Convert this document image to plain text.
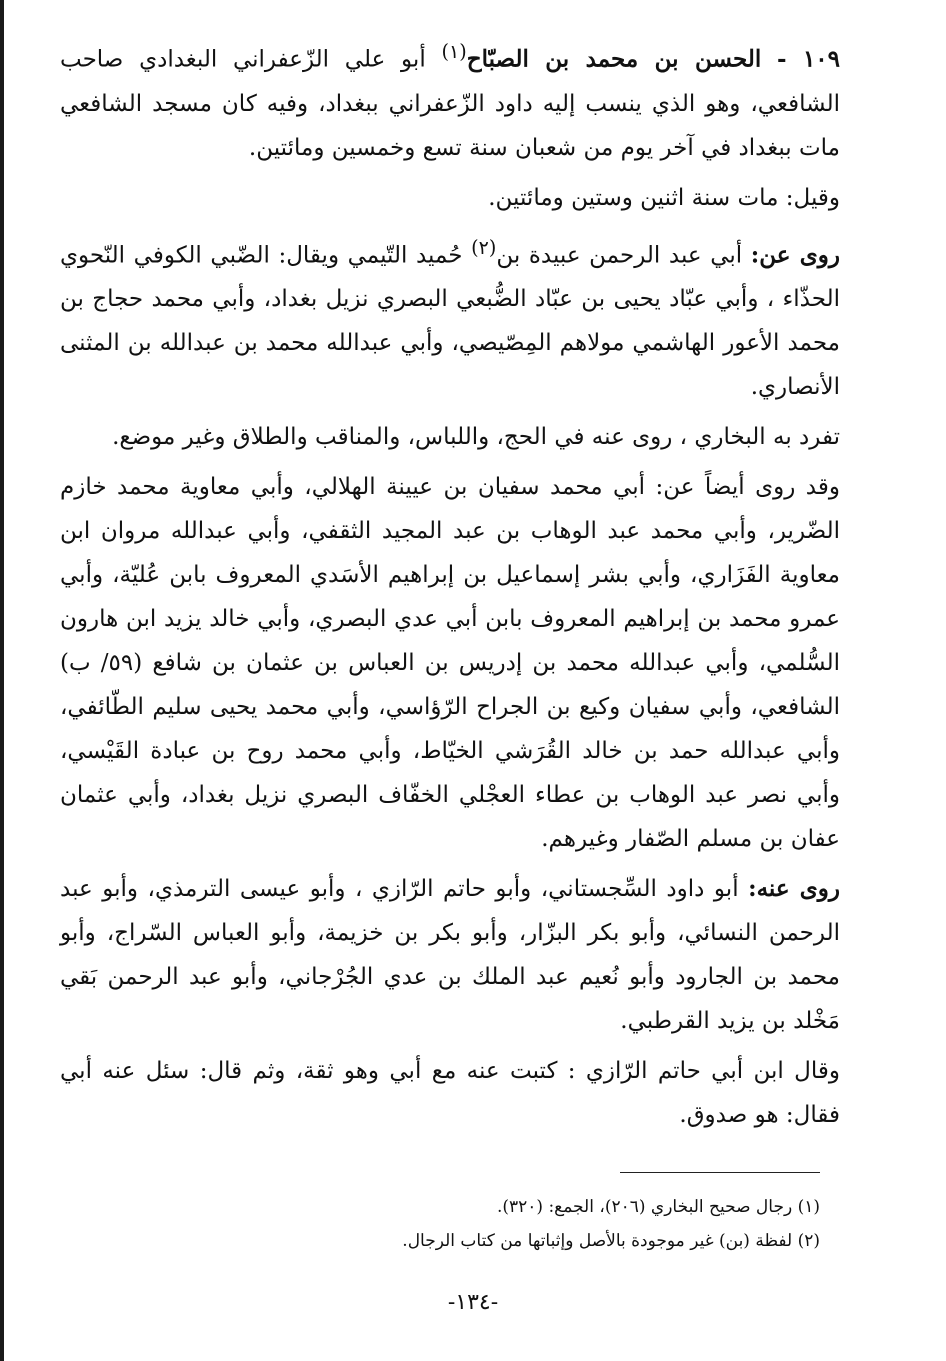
١٠٩ - الحسن بن محمد بن الصبّاح$^{(١)}$ أبو علي الزّعفراني البغدادي صاحب الشافعي، وهو الذي ينسب إليه داود الزّعفراني ببغداد، وفيه كان مسجد الشافعي مات ببغداد في آخر يوم من شعبان سنة تسع وخمسين ومائتين.

وقيل: مات سنة اثنين وستين ومائتين.

روى عن: أبي عبد الرحمن عبيدة بن$^{(٢)}$ حُميد التّيمي ويقال: الضّبي الكوفي النّحوي الحذّاء ، وأبي عبّاد يحيى بن عبّاد الضُّبعي البصري نزيل بغداد، وأبي محمد حجاج بن محمد الأعور الهاشمي مولاهم المِصّيصي، وأبي عبدالله محمد بن عبدالله بن المثنى الأنصاري.

تفرد به البخاري ، روى عنه في الحج، واللباس، والمناقب والطلاق وغير موضع.

وقد روى أيضاً عن: أبي محمد سفيان بن عيينة الهلالي، وأبي معاوية محمد خازم الضّرير، وأبي محمد عبد الوهاب بن عبد المجيد الثقفي، وأبي عبدالله مروان ابن معاوية الفَزَاري، وأبي بشر إسماعيل بن إبراهيم الأسَدي المعروف بابن عُليّة، وأبي عمرو محمد بن إبراهيم المعروف بابن أبي عدي البصري، وأبي خالد يزيد ابن هارون السُّلمي، وأبي عبدالله محمد بن إدريس بن العباس بن عثمان بن شافع (٥٩/ ب) الشافعي، وأبي سفيان وكيع بن الجراح الرّؤاسي، وأبي محمد يحيى سليم الطّائفي، وأبي عبدالله حمد بن خالد القُرَشي الخيّاط، وأبي محمد روح بن عبادة القَيْسي، وأبي نصر عبد الوهاب بن عطاء العجْلي الخفّاف البصري نزيل بغداد، وأبي عثمان عفان بن مسلم الصّفار وغيرهم.

روى عنه: أبو داود السِّجستاني، وأبو حاتم الرّازي ، وأبو عيسى الترمذي، وأبو عبد الرحمن النسائي، وأبو بكر البزّار، وأبو بكر بن خزيمة، وأبو العباس السّراج، وأبو محمد بن الجارود وأبو نُعيم عبد الملك بن عدي الجُرْجاني، وأبو عبد الرحمن بَقي مَخْلد بن يزيد القرطبي.

وقال ابن أبي حاتم الرّازي : كتبت عنه مع أبي وهو ثقة، وثم قال: سئل عنه أبي فقال: هو صدوق.

(١) رجال صحيح البخاري (٢٠٦)، الجمع: (٣٢٠).

(٢) لفظة (بن) غير موجودة بالأصل وإثباتها من كتاب الرجال.

-١٣٤-
